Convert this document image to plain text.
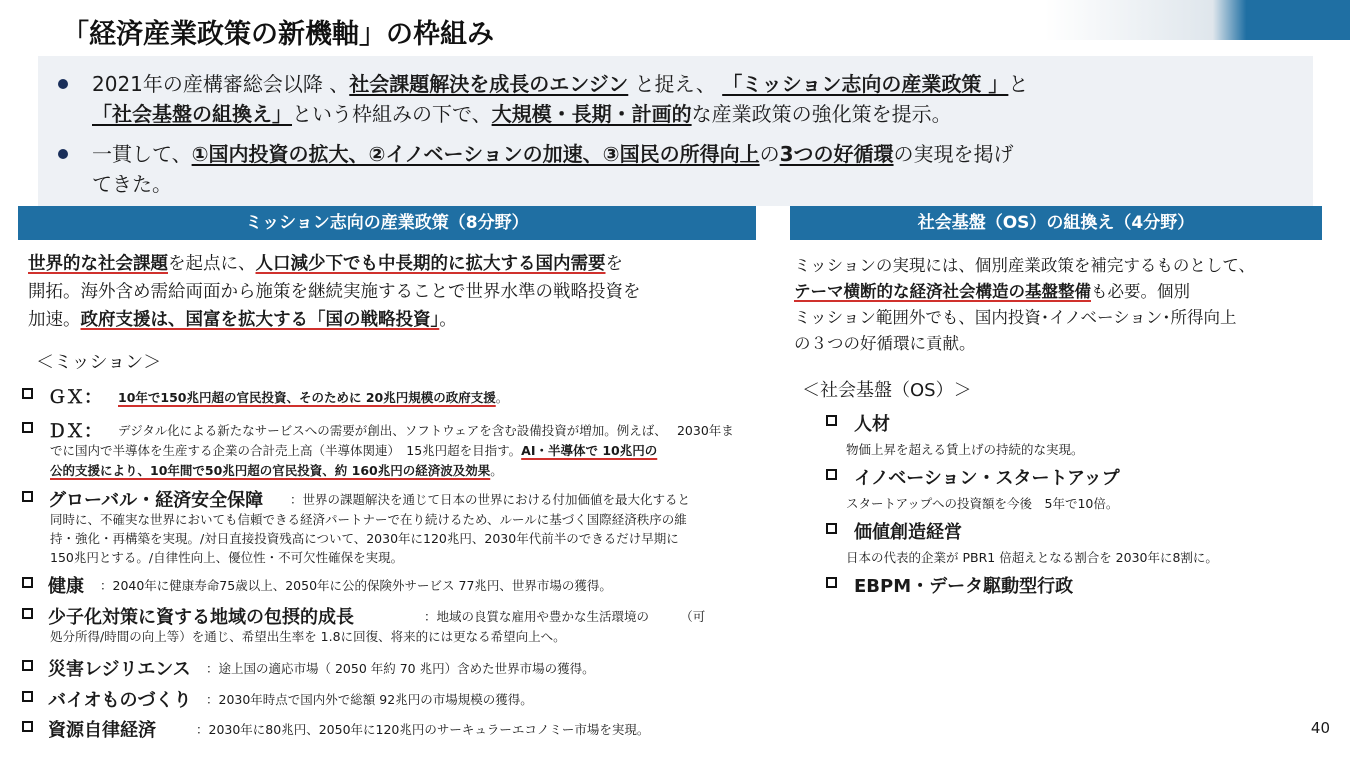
「経済産業政策の新機軸」の枠組み
2021年の産構審総会以降 、社会課題解決を成長のエンジン と捉え、 「ミッション志向の産業政策 」と
「社会基盤の組換え」という枠組みの下で、大規模・長期・計画的な産業政策の強化策を提示。
一貫して、①国内投資の拡大、②イノベーションの加速、③国民の所得向上の3つの好循環の実現を掲げ
てきた。
ミッション志向の産業政策（8分野）
世界的な社会課題を起点に、人口減少下でも中長期的に拡大する国内需要を
開拓。海外含め需給両面から施策を継続実施することで世界水準の戦略投資を
加速。政府支援は、国富を拡大する「国の戦略投資」。
＜ミッション＞
ＧＸ： 10年で150兆円超の官民投資、そのために 20兆円規模の政府支援。
ＤＸ： デジタル化による新たなサービスへの需要が創出、ソフトウェアを含む設備投資が増加。例えば、　 2030年ま
でに国内で半導体を生産する企業の合計売上高（半導体関連）　15兆円超を目指す。AI・半導体で 10兆円の
公的支援により、10年間で50兆円超の官民投資、約 160兆円の経済波及効果。
グローバル・経済安全保障 ：世界の課題解決を通じて日本の世界における付加価値を最大化すると
同時に、不確実な世界においても信頼できる経済パートナーで在り続けるため、ルールに基づく国際経済秩序の維
持・強化・再構築を実現。/対日直接投資残高について、2030年に120兆円、2030年代前半のできるだけ早期に
150兆円とする。/自律性向上、優位性・不可欠性確保を実現。
健康 ：2040年に健康寿命75歳以上、2050年に公的保険外サービス 77兆円、世界市場の獲得。
少子化対策に資する地域の包摂的成長	：地域の良質な雇用や豊かな生活環境の　　　（可
処分所得/時間の向上等）を通じ、希望出生率を 1.8に回復、将来的には更なる希望向上へ。
災害レジリエンス ：途上国の適応市場（ 2050 年約 70 兆円）含めた世界市場の獲得。
バイオものづくり ：2030年時点で国内外で総額 92兆円の市場規模の獲得。
資源自律経済	：2030年に80兆円、2050年に120兆円のサーキュラーエコノミー市場を実現。
社会基盤（OS）の組換え（4分野）
ミッションの実現には、個別産業政策を補完するものとして、
テーマ横断的な経済社会構造の基盤整備も必要。個別
ミッション範囲外でも、国内投資･イノベーション･所得向上
の３つの好循環に貢献。
＜社会基盤（OS）＞
人材
物価上昇を超える賃上げの持続的な実現。
イノベーション・スタートアップ
スタートアップへの投資額を今後　5年で10倍。
価値創造経営
日本の代表的企業が PBR1 倍超えとなる割合を 2030年に8割に。
EBPM・データ駆動型行政
40
